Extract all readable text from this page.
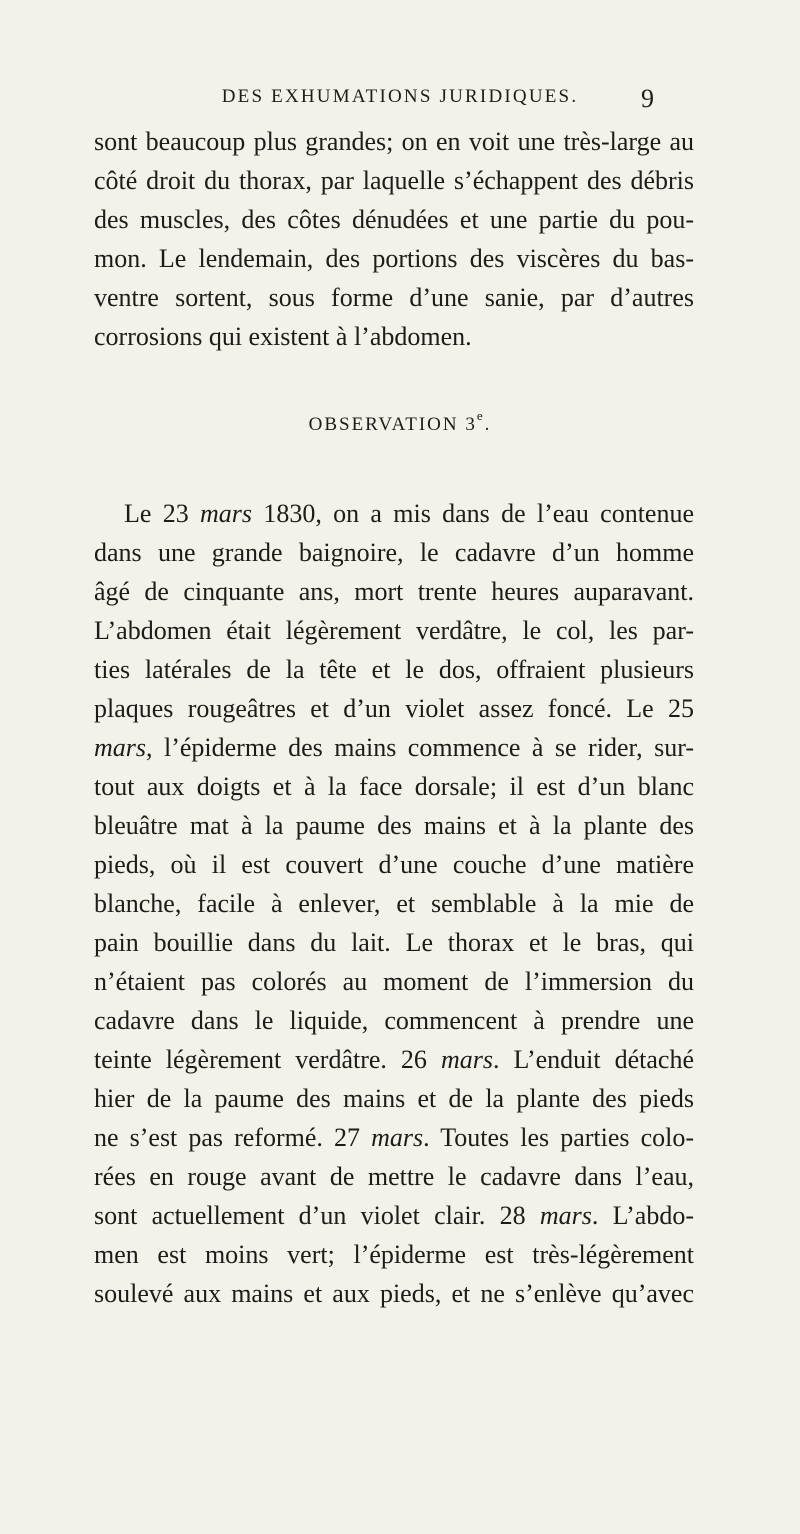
DES EXHUMATIONS JURIDIQUES.	9
sont beaucoup plus grandes; on en voit une très-large au
côté droit du thorax, par laquelle s’échappent des débris
des muscles, des côtes dénudées et une partie du pou-
mon. Le lendemain, des portions des viscères du bas-
ventre sortent, sous forme d’une sanie, par d’autres
corrosions qui existent à l’abdomen.
OBSERVATION 3e.
Le 23 mars 1830, on a mis dans de l’eau contenue
dans une grande baignoire, le cadavre d’un homme
âgé de cinquante ans, mort trente heures auparavant.
L’abdomen était légèrement verdâtre, le col, les par-
ties latérales de la tête et le dos, offraient plusieurs
plaques rougeâtres et d’un violet assez foncé. Le 25
mars, l’épiderme des mains commence à se rider, sur-
tout aux doigts et à la face dorsale; il est d’un blanc
bleuâtre mat à la paume des mains et à la plante des
pieds, où il est couvert d’une couche d’une matière
blanche, facile à enlever, et semblable à la mie de
pain bouillie dans du lait. Le thorax et le bras, qui
n’étaient pas colorés au moment de l’immersion du
cadavre dans le liquide, commencent à prendre une
teinte légèrement verdâtre. 26 mars. L’enduit détaché
hier de la paume des mains et de la plante des pieds
ne s’est pas reformé. 27 mars. Toutes les parties colo-
rées en rouge avant de mettre le cadavre dans l’eau,
sont actuellement d’un violet clair. 28 mars. L’abdo-
men est moins vert; l’épiderme est très-légèrement
soulevé aux mains et aux pieds, et ne s’enlève qu’avec
